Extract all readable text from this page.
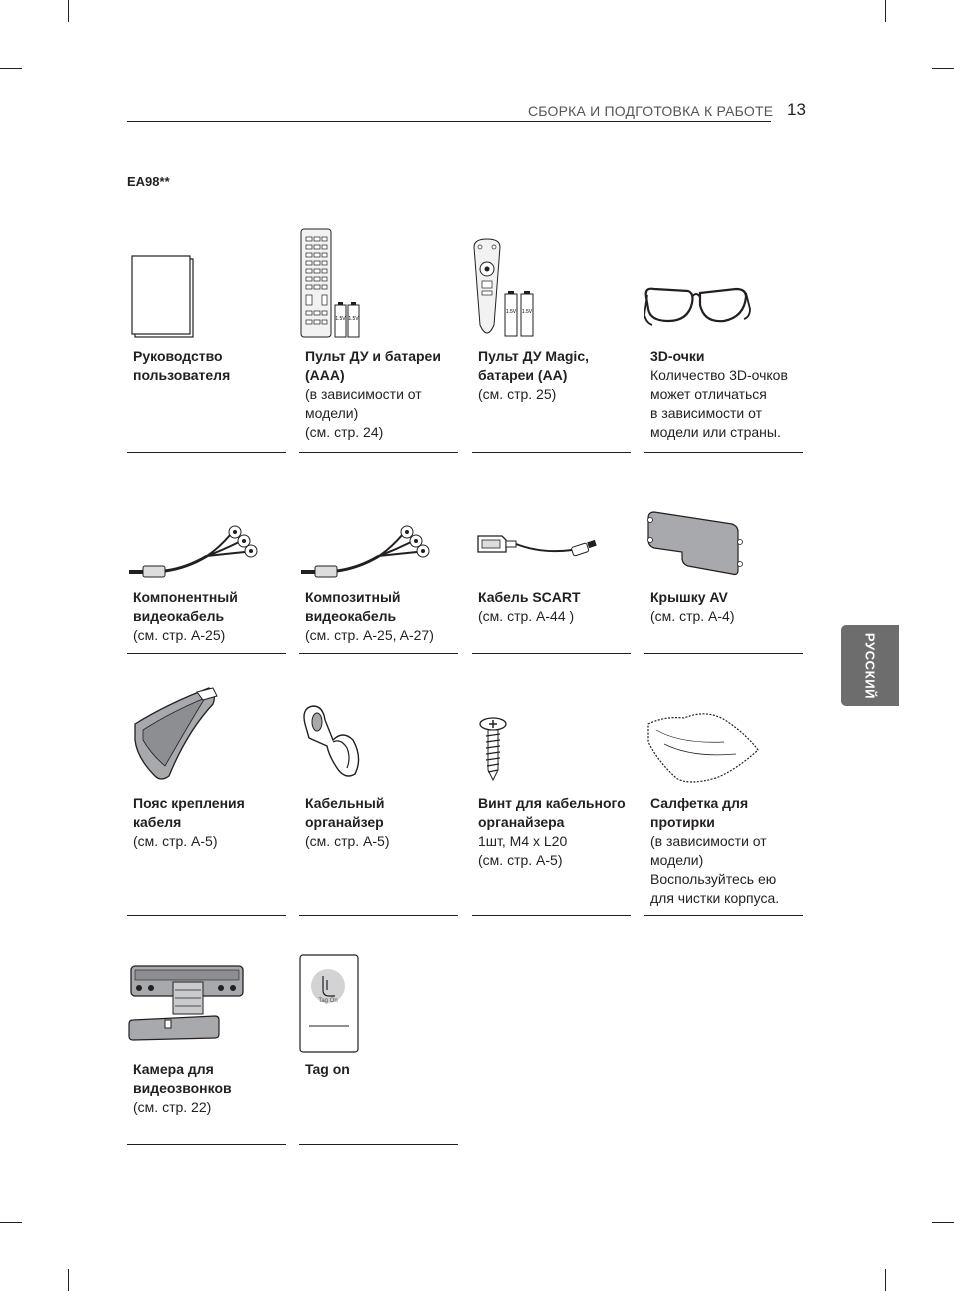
СБОРКА И ПОДГОТОВКА К РАБОТЕ 13
EA98**
РУССКИЙ
Руководство
пользователя
1.5V 1.5V
Пульт ДУ и батареи
(AAA)
(в зависимости от
модели)
(см. стр. 24)
1.5V 1.5V
Пульт ДУ Magic,
батареи (AA)
(см. стр. 25)
3D-очки
Количество 3D-очков
может отличаться
в зависимости от
модели или страны.
Компонентный
видеокабель
(см. стр. A-25)
Композитный
видеокабель
(см. стр. A-25, A-27)
Кабель SCART
(см. стр. A-44 )
Крышку AV
(см. стр. A-4)
Пояс крепления
кабеля
(см. стр. A-5)
Кабельный
органайзер
(см. стр. A-5)
Винт для кабельного
органайзера
1шт, M4 x L20
(см. стр. A-5)
Салфетка для
протирки
(в зависимости от
модели)
Воспользуйтесь ею
для чистки корпуса.
Камера для
видеозвонков
(см. стр. 22)
Tag On
Tag on
